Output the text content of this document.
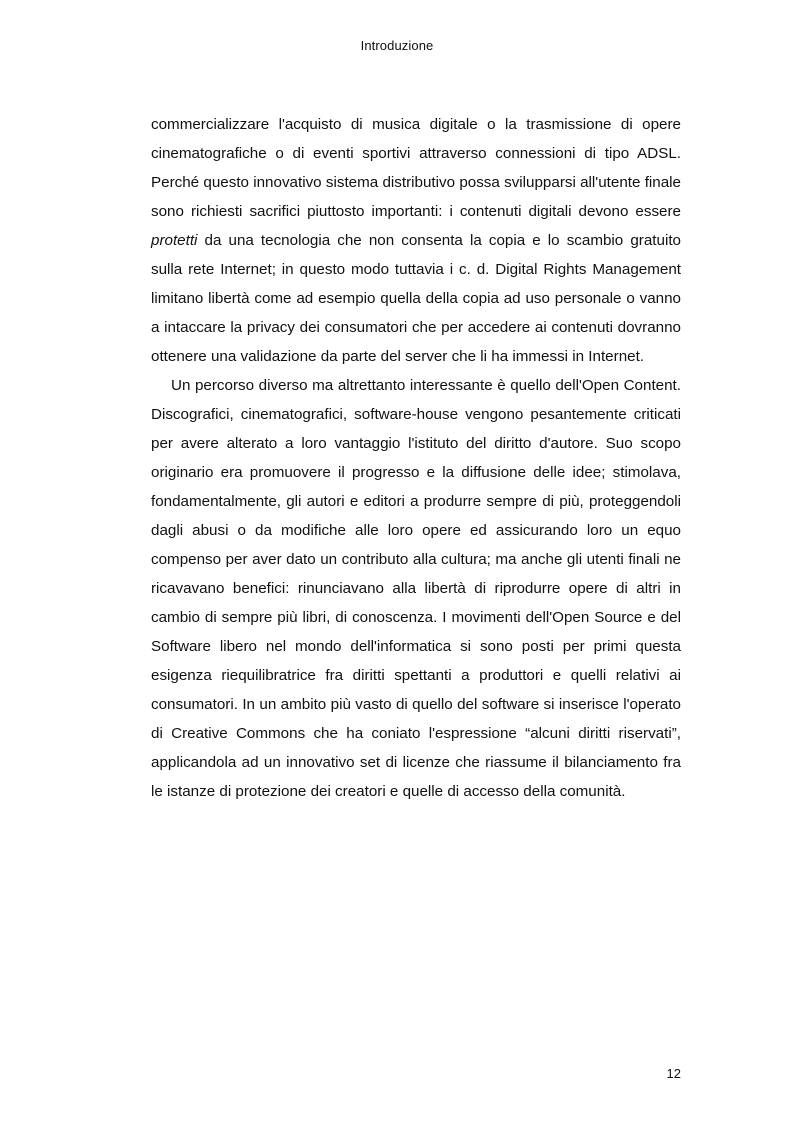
Introduzione

commercializzare l'acquisto di musica digitale o la trasmissione di opere cinematografiche o di eventi sportivi attraverso connessioni di tipo ADSL. Perché questo innovativo sistema distributivo possa svilupparsi all'utente finale sono richiesti sacrifici piuttosto importanti: i contenuti digitali devono essere protetti da una tecnologia che non consenta la copia e lo scambio gratuito sulla rete Internet; in questo modo tuttavia i c. d. Digital Rights Management limitano libertà come ad esempio quella della copia ad uso personale o vanno a intaccare la privacy dei consumatori che per accedere ai contenuti dovranno ottenere una validazione da parte del server che li ha immessi in Internet.

Un percorso diverso ma altrettanto interessante è quello dell'Open Content. Discografici, cinematografici, software-house vengono pesantemente criticati per avere alterato a loro vantaggio l'istituto del diritto d'autore. Suo scopo originario era promuovere il progresso e la diffusione delle idee; stimolava, fondamentalmente, gli autori e editori a produrre sempre di più, proteggendoli dagli abusi o da modifiche alle loro opere ed assicurando loro un equo compenso per aver dato un contributo alla cultura; ma anche gli utenti finali ne ricavavano benefici: rinunciavano alla libertà di riprodurre opere di altri in cambio di sempre più libri, di conoscenza. I movimenti dell'Open Source e del Software libero nel mondo dell'informatica si sono posti per primi questa esigenza riequilibratrice fra diritti spettanti a produttori e quelli relativi ai consumatori. In un ambito più vasto di quello del software si inserisce l'operato di Creative Commons che ha coniato l'espressione “alcuni diritti riservati”, applicandola ad un innovativo set di licenze che riassume il bilanciamento fra le istanze di protezione dei creatori e quelle di accesso della comunità.

12
